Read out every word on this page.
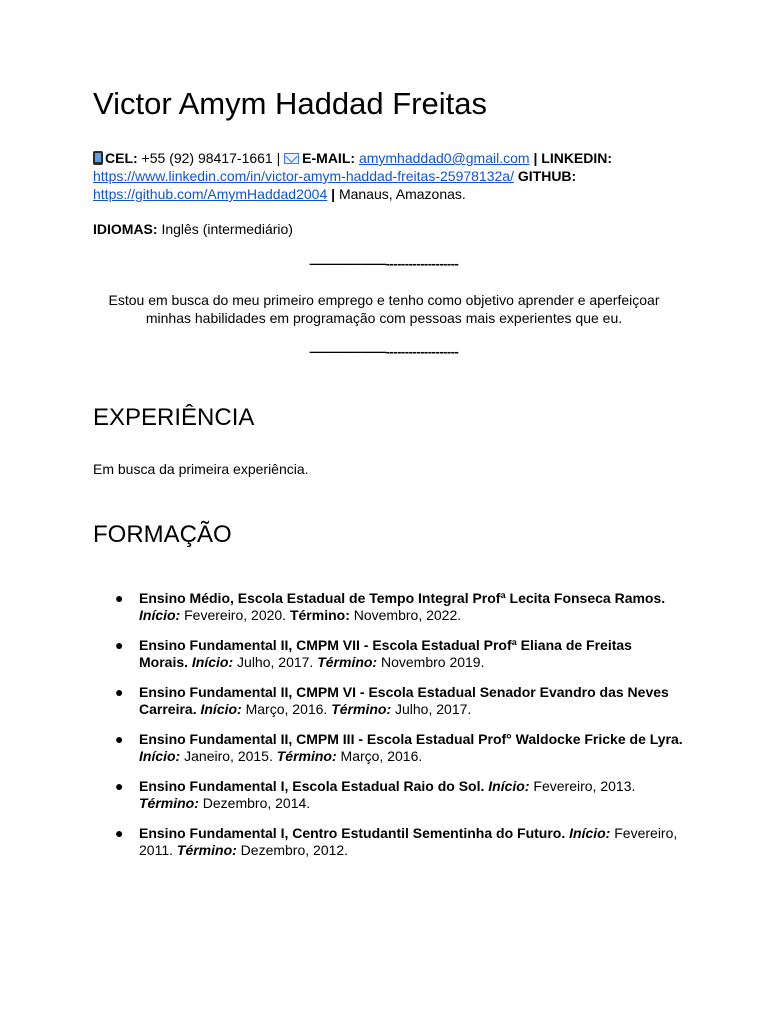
Victor Amym Haddad Freitas
CEL: +55 (92) 98417-1661 | E-MAIL: amymhaddad0@gmail.com | LINKEDIN:
https://www.linkedin.com/in/victor-amym-haddad-freitas-25978132a/ GITHUB:
https://github.com/AmymHaddad2004 | Manaus, Amazonas.
IDIOMAS: Inglês (intermediário)
——–—–——-------------------
Estou em busca do meu primeiro emprego e tenho como objetivo aprender e aperfeiçoar minhas habilidades em programação com pessoas mais experientes que eu.
——–—–——-------------------
EXPERIÊNCIA
Em busca da primeira experiência.
FORMAÇÃO
● Ensino Médio, Escola Estadual de Tempo Integral Profª Lecita Fonseca Ramos. Início: Fevereiro, 2020. Término: Novembro, 2022.
● Ensino Fundamental II, CMPM VII - Escola Estadual Profª Eliana de Freitas Morais. Início: Julho, 2017. Término: Novembro 2019.
● Ensino Fundamental II, CMPM VI - Escola Estadual Senador Evandro das Neves Carreira. Início: Março, 2016. Término: Julho, 2017.
● Ensino Fundamental II, CMPM III - Escola Estadual Prof° Waldocke Fricke de Lyra. Início: Janeiro, 2015. Término: Março, 2016.
● Ensino Fundamental I, Escola Estadual Raio do Sol. Início: Fevereiro, 2013. Término: Dezembro, 2014.
● Ensino Fundamental I, Centro Estudantil Sementinha do Futuro. Início: Fevereiro, 2011. Término: Dezembro, 2012.
